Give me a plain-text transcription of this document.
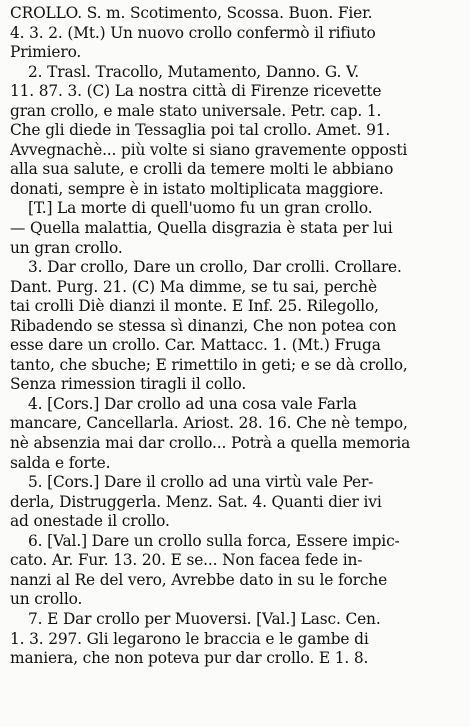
CROLLO. S. m. Scotimento, Scossa. Buon. Fier.
4. 3. 2. (Mt.) Un nuovo crollo confermò il rifiuto
Primiero.
2. Trasl. Tracollo, Mutamento, Danno. G. V.
11. 87. 3. (C) La nostra città di Firenze ricevette
gran crollo, e male stato universale. Petr. cap. 1.
Che gli diede in Tessaglia poi tal crollo. Amet. 91.
Avvegnachè... più volte si siano gravemente opposti
alla sua salute, e crolli da temere molti le abbiano
donati, sempre è in istato moltiplicata maggiore.
[T.] La morte di quell'uomo fu un gran crollo.
— Quella malattia, Quella disgrazia è stata per lui
un gran crollo.
3. Dar crollo, Dare un crollo, Dar crolli. Crollare.
Dant. Purg. 21. (C) Ma dimme, se tu sai, perchè
tai crolli Diè dianzi il monte. E Inf. 25. Rilegollo,
Ribadendo se stessa sì dinanzi, Che non potea con
esse dare un crollo. Car. Mattacc. 1. (Mt.) Fruga
tanto, che sbuche; E rimettilo in geti; e se dà crollo,
Senza rimession tiragli il collo.
4. [Cors.] Dar crollo ad una cosa vale Farla
mancare, Cancellarla. Ariost. 28. 16. Che nè tempo,
nè absenzia mai dar crollo... Potrà a quella memoria
salda e forte.
5. [Cors.] Dare il crollo ad una virtù vale Per-
derla, Distruggerla. Menz. Sat. 4. Quanti dier ivi
ad onestade il crollo.
6. [Val.] Dare un crollo sulla forca, Essere impic-
cato. Ar. Fur. 13. 20. E se... Non facea fede in-
nanzi al Re del vero, Avrebbe dato in su le forche
un crollo.
7. E Dar crollo per Muoversi. [Val.] Lasc. Cen.
1. 3. 297. Gli legarono le braccia e le gambe di
maniera, che non poteva pur dar crollo. E 1. 8.
